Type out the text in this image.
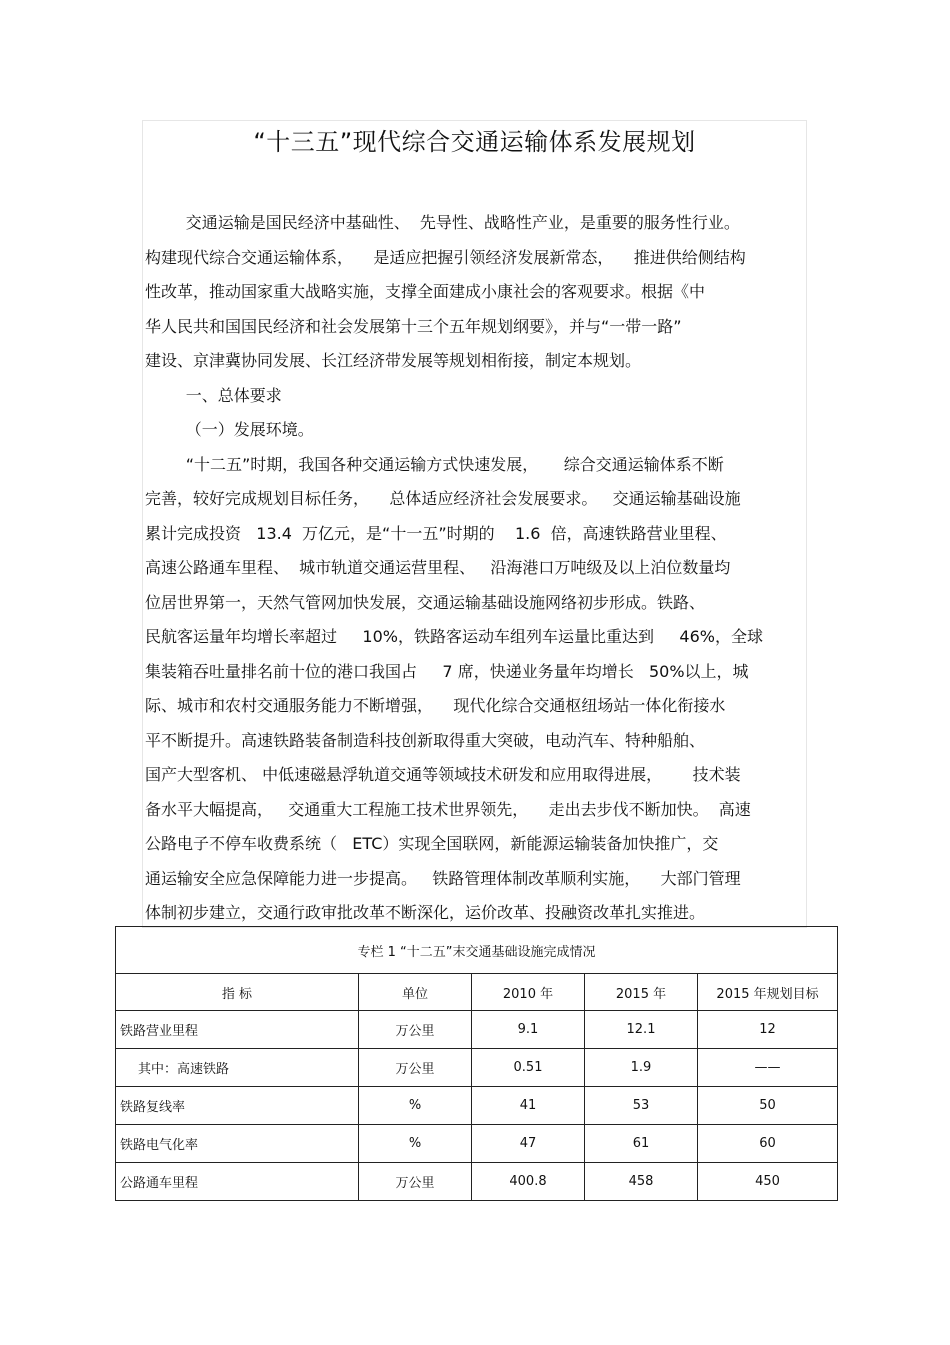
“十三五”现代综合交通运输体系发展规划
交通运输是国民经济中基础性、  先导性、战略性产业，是重要的服务性行业。
构建现代综合交通运输体系，    是适应把握引领经济发展新常态，    推进供给侧结构
性改革，推动国家重大战略实施，支撑全面建成小康社会的客观要求。根据《中
华人民共和国国民经济和社会发展第十三个五年规划纲要》，并与“一带一路”
建设、京津冀协同发展、长江经济带发展等规划相衔接，制定本规划。
一、总体要求
（一）发展环境。
“十二五”时期，我国各种交通运输方式快速发展，     综合交通运输体系不断
完善，较好完成规划目标任务，    总体适应经济社会发展要求。   交通运输基础设施
累计完成投资   13.4  万亿元，是“十一五”时期的    1.6  倍，高速铁路营业里程、
高速公路通车里程、  城市轨道交通运营里程、   沿海港口万吨级及以上泊位数量均
位居世界第一，天然气管网加快发展，交通运输基础设施网络初步形成。铁路、
民航客运量年均增长率超过     10%，铁路客运动车组列车运量比重达到     46%，全球
集装箱吞吐量排名前十位的港口我国占     7 席，快递业务量年均增长   50%以上，城
际、城市和农村交通服务能力不断增强，    现代化综合交通枢纽场站一体化衔接水
平不断提升。高速铁路装备制造科技创新取得重大突破，电动汽车、特种船舶、
国产大型客机、 中低速磁悬浮轨道交通等领域技术研发和应用取得进展，      技术装
备水平大幅提高，   交通重大工程施工技术世界领先，    走出去步伐不断加快。  高速
公路电子不停车收费系统（   ETC）实现全国联网，新能源运输装备加快推广，交
通运输安全应急保障能力进一步提高。   铁路管理体制改革顺利实施，    大部门管理
体制初步建立，交通行政审批改革不断深化，运价改革、投融资改革扎实推进。
专栏 1 “十二五”末交通基础设施完成情况				
指 标	单位	2010 年	2015 年	2015 年规划目标
铁路营业里程	万公里	9.1	12.1	12
其中：高速铁路	万公里	0.51	1.9	——
铁路复线率	%	41	53	50
铁路电气化率	%	47	61	60
公路通车里程	万公里	400.8	458	450
